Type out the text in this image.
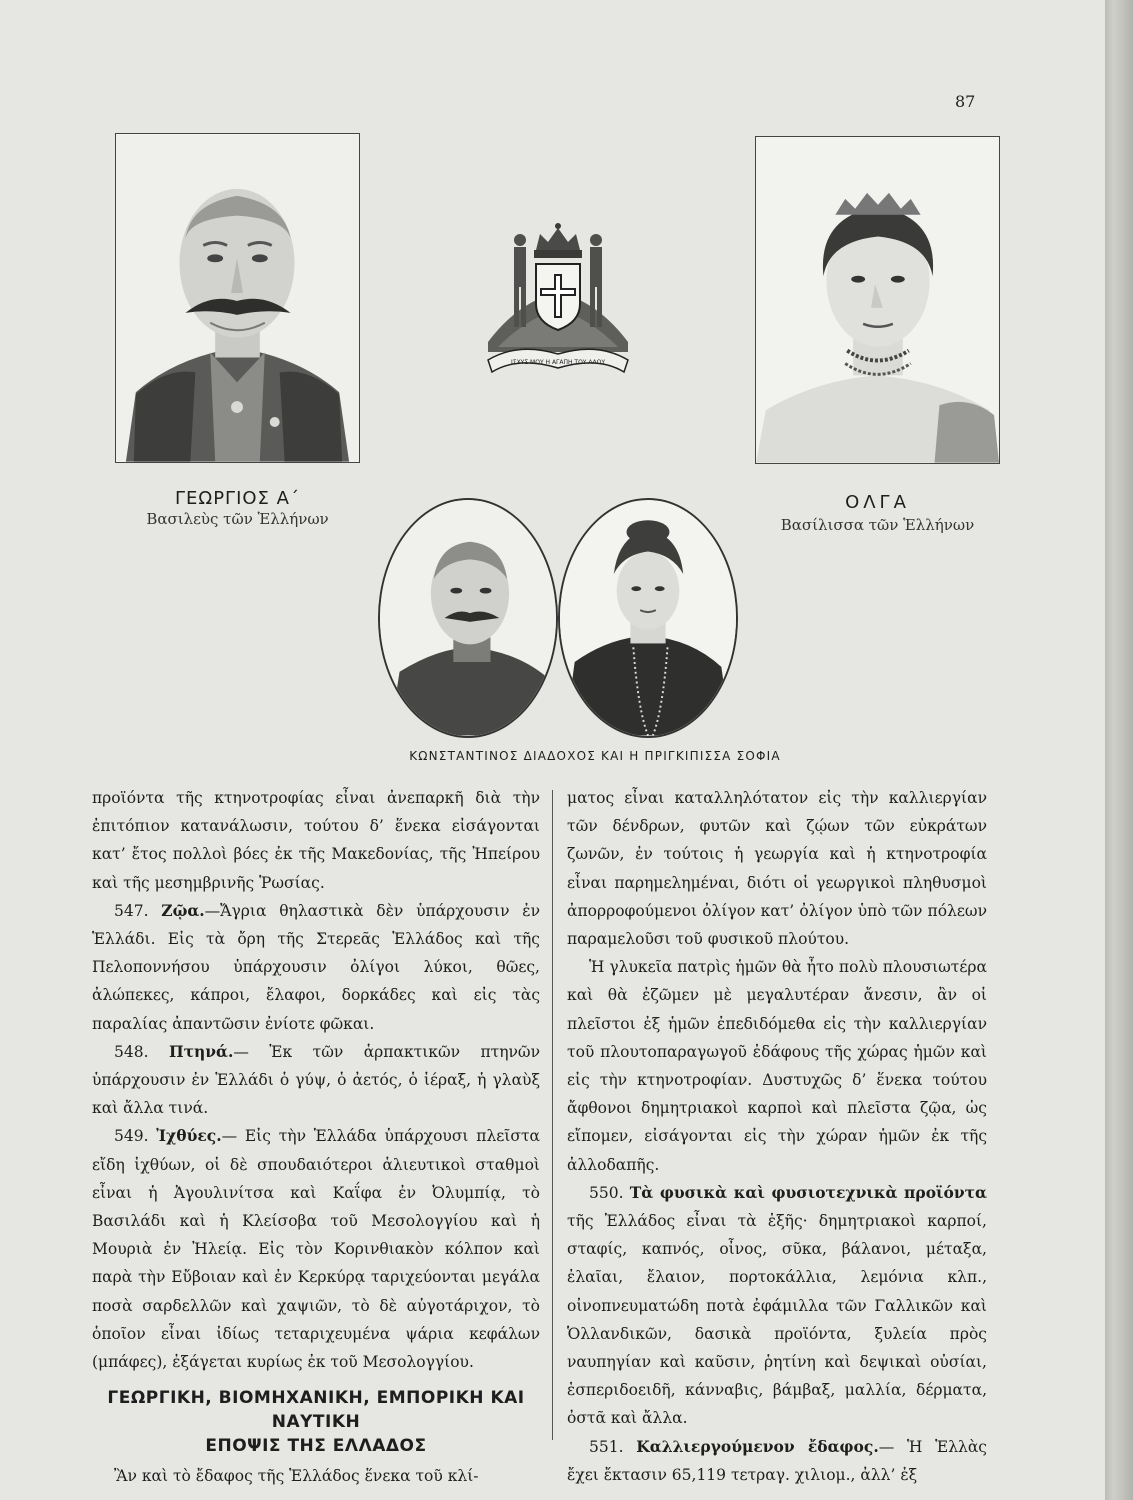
87
ΓΕΩΡΓΙΟΣ Α΄
Βασιλεὺς τῶν Ἑλλήνων
ΙΣΧΥΣ ΜΟΥ Η ΑΓΑΠΗ ΤΟΥ ΛΑΟΥ
ΟΛΓΑ
Βασίλισσα τῶν Ἑλλήνων
ΚΩΝΣΤΑΝΤΙΝΟΣ ΔΙΑΔΟΧΟΣ ΚΑΙ Η ΠΡΙΓΚΙΠΙΣΣΑ ΣΟΦΙΑ

προϊόντα τῆς κτηνοτροφίας εἶναι ἀνεπαρκῆ διὰ τὴν ἐπιτόπιον κατανάλωσιν, τούτου δ’ ἕνεκα εἰσάγονται κατ’ ἔτος πολλοὶ βόες ἐκ τῆς Μακεδονίας, τῆς Ἠπείρου καὶ τῆς μεσημβρινῆς Ῥωσίας.

547. Ζῷα.—Ἄγρια θηλαστικὰ δὲν ὑπάρχουσιν ἐν Ἑλλάδι. Εἰς τὰ ὄρη τῆς Στερεᾶς Ἑλλάδος καὶ τῆς Πελοποννήσου ὑπάρχουσιν ὀλίγοι λύκοι, θῶες, ἀλώπεκες, κάπροι, ἔλαφοι, δορκάδες καὶ εἰς τὰς παραλίας ἀπαντῶσιν ἐνίοτε φῶκαι.

548. Πτηνά.— Ἐκ τῶν ἁρπακτικῶν πτηνῶν ὑπάρχουσιν ἐν Ἑλλάδι ὁ γύψ, ὁ ἀετός, ὁ ἱέραξ, ἡ γλαὺξ καὶ ἄλλα τινά.

549. Ἰχθύες.— Εἰς τὴν Ἑλλάδα ὑπάρχουσι πλεῖστα εἴδη ἰχθύων, οἱ δὲ σπουδαιότεροι ἁλιευτικοὶ σταθμοὶ εἶναι ἡ Ἀγουλινίτσα καὶ Καΐφα ἐν Ὀλυμπίᾳ, τὸ Βασιλάδι καὶ ἡ Κλείσοβα τοῦ Μεσολογγίου καὶ ἡ Μουριὰ ἐν Ἠλείᾳ. Εἰς τὸν Κορινθιακὸν κόλπον καὶ παρὰ τὴν Εὔβοιαν καὶ ἐν Κερκύρᾳ ταριχεύονται μεγάλα ποσὰ σαρδελλῶν καὶ χαψιῶν, τὸ δὲ αὐγοτάριχον, τὸ ὁποῖον εἶναι ἰδίως τεταριχευμένα ψάρια κεφάλων (μπάφες), ἐξάγεται κυρίως ἐκ τοῦ Μεσολογγίου.

ΓΕΩΡΓΙΚΗ, ΒΙΟΜΗΧΑΝΙΚΗ, ΕΜΠΟΡΙΚΗ ΚΑΙ ΝΑΥΤΙΚΗ
ΕΠΟΨΙΣ ΤΗΣ ΕΛΛΑΔΟΣ

Ἂν καὶ τὸ ἔδαφος τῆς Ἑλλάδος ἕνεκα τοῦ κλί-

ματος εἶναι καταλληλότατον εἰς τὴν καλλιεργίαν τῶν δένδρων, φυτῶν καὶ ζῴων τῶν εὐκράτων ζωνῶν, ἐν τούτοις ἡ γεωργία καὶ ἡ κτηνοτροφία εἶναι παρημελημέναι, διότι οἱ γεωργικοὶ πληθυσμοὶ ἀπορροφούμενοι ὀλίγον κατ’ ὀλίγον ὑπὸ τῶν πόλεων παραμελοῦσι τοῦ φυσικοῦ πλούτου.

Ἡ γλυκεῖα πατρὶς ἡμῶν θὰ ἦτο πολὺ πλουσιωτέρα καὶ θὰ ἐζῶμεν μὲ μεγαλυτέραν ἄνεσιν, ἂν οἱ πλεῖστοι ἐξ ἡμῶν ἐπεδιδόμεθα εἰς τὴν καλλιεργίαν τοῦ πλουτοπαραγωγοῦ ἐδάφους τῆς χώρας ἡμῶν καὶ εἰς τὴν κτηνοτροφίαν. Δυστυχῶς δ’ ἕνεκα τούτου ἄφθονοι δημητριακοὶ καρποὶ καὶ πλεῖστα ζῷα, ὡς εἴπομεν, εἰσάγονται εἰς τὴν χώραν ἡμῶν ἐκ τῆς ἀλλοδαπῆς.

550. Τὰ φυσικὰ καὶ φυσιοτεχνικὰ προϊόντα τῆς Ἑλλάδος εἶναι τὰ ἑξῆς· δημητριακοὶ καρποί, σταφίς, καπνός, οἶνος, σῦκα, βάλανοι, μέταξα, ἐλαῖαι, ἔλαιον, πορτοκάλλια, λεμόνια κλπ., οἰνοπνευματώδη ποτὰ ἐφάμιλλα τῶν Γαλλικῶν καὶ Ὁλλανδικῶν, δασικὰ προϊόντα, ξυλεία πρὸς ναυπηγίαν καὶ καῦσιν, ῥητίνη καὶ δεψικαὶ οὐσίαι, ἑσπεριδοειδῆ, κάνναβις, βάμβαξ, μαλλία, δέρματα, ὀστᾶ καὶ ἄλλα.

551. Καλλιεργούμενον ἔδαφος.— Ἡ Ἑλλὰς ἔχει ἔκτασιν 65,119 τετραγ. χιλιομ., ἀλλ’ ἐξ
